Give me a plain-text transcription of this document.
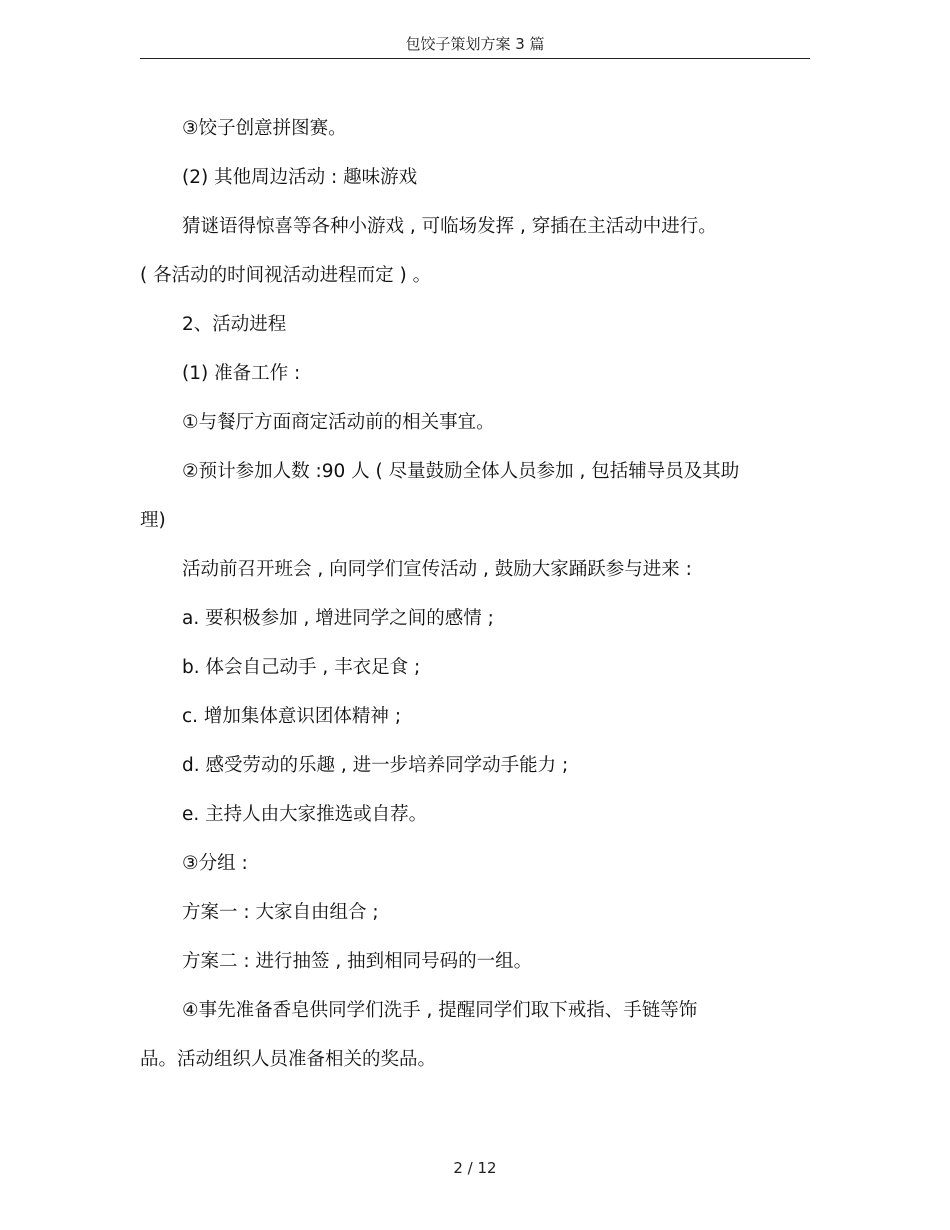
包饺子策划方案 3 篇
③饺子创意拼图赛。
(2) 其他周边活动 : 趣味游戏
猜谜语得惊喜等各种小游戏 , 可临场发挥 , 穿插在主活动中进行。
( 各活动的时间视活动进程而定 ) 。
2、活动进程
(1) 准备工作 :
①与餐厅方面商定活动前的相关事宜。
②预计参加人数 :90 人 ( 尽量鼓励全体人员参加 , 包括辅导员及其助
理)
活动前召开班会 , 向同学们宣传活动 , 鼓励大家踊跃参与进来 :
a. 要积极参加 , 增进同学之间的感情 ;
b. 体会自己动手 , 丰衣足食 ;
c. 增加集体意识团体精神 ;
d. 感受劳动的乐趣 , 进一步培养同学动手能力 ;
e. 主持人由大家推选或自荐。
③分组 :
方案一 : 大家自由组合 ;
方案二 : 进行抽签 , 抽到相同号码的一组。
④事先准备香皂供同学们洗手 , 提醒同学们取下戒指、手链等饰
品。活动组织人员准备相关的奖品。
2 / 12
